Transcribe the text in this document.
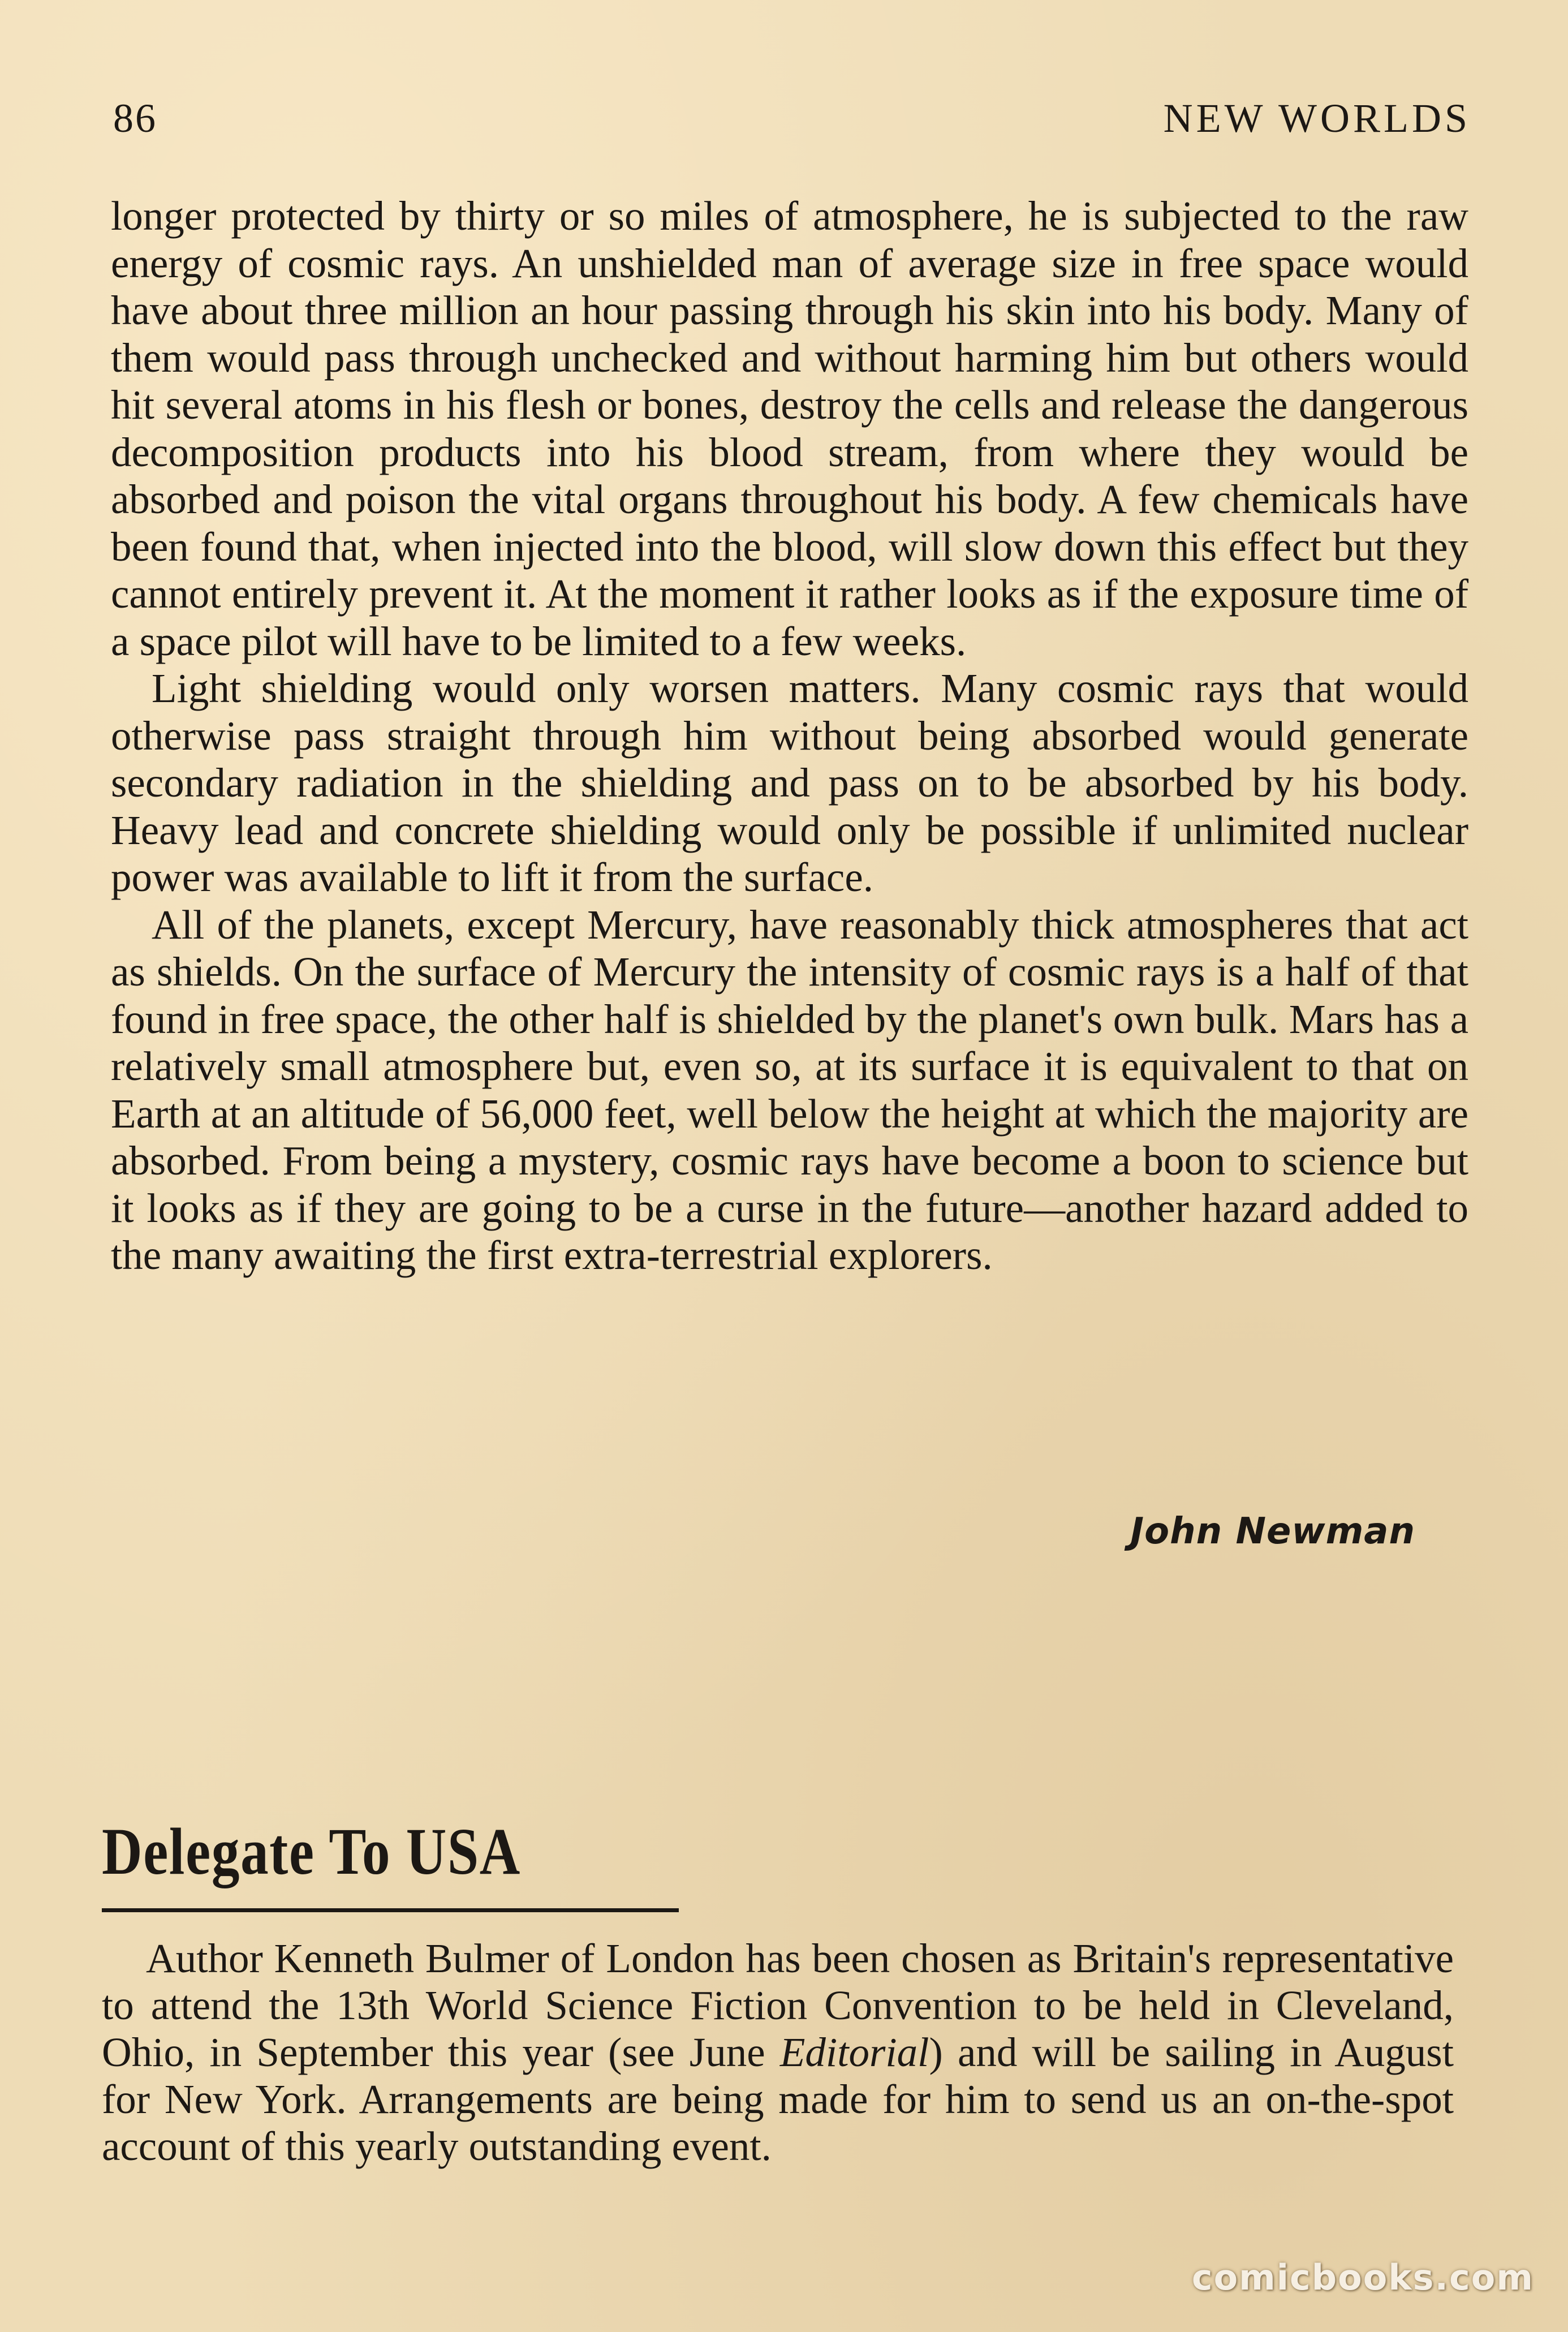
86	NEW WORLDS

longer protected by thirty or so miles of atmosphere, he is subjected to the raw energy of cosmic rays. An unshielded man of average size in free space would have about three million an hour passing through his skin into his body. Many of them would pass through unchecked and without harming him but others would hit several atoms in his flesh or bones, destroy the cells and release the dangerous decomposition products into his blood stream, from where they would be absorbed and poison the vital organs throughout his body. A few chemicals have been found that, when injected into the blood, will slow down this effect but they cannot entirely prevent it. At the moment it rather looks as if the exposure time of a space pilot will have to be limited to a few weeks.

Light shielding would only worsen matters. Many cosmic rays that would otherwise pass straight through him without being absorbed would generate secondary radiation in the shielding and pass on to be absorbed by his body. Heavy lead and concrete shielding would only be possible if unlimited nuclear power was available to lift it from the surface.

All of the planets, except Mercury, have reasonably thick atmospheres that act as shields. On the surface of Mercury the intensity of cosmic rays is a half of that found in free space, the other half is shielded by the planet's own bulk. Mars has a relatively small atmosphere but, even so, at its surface it is equivalent to that on Earth at an altitude of 56,000 feet, well below the height at which the majority are absorbed. From being a mystery, cosmic rays have become a boon to science but it looks as if they are going to be a curse in the future—another hazard added to the many awaiting the first extra-terrestrial explorers.

John Newman
Delegate To USA

Author Kenneth Bulmer of London has been chosen as Britain's representative to attend the 13th World Science Fiction Convention to be held in Cleveland, Ohio, in September this year (see June Editorial) and will be sailing in August for New York. Arrangements are being made for him to send us an on-the-spot account of this yearly outstanding event.

comicbooks.com
